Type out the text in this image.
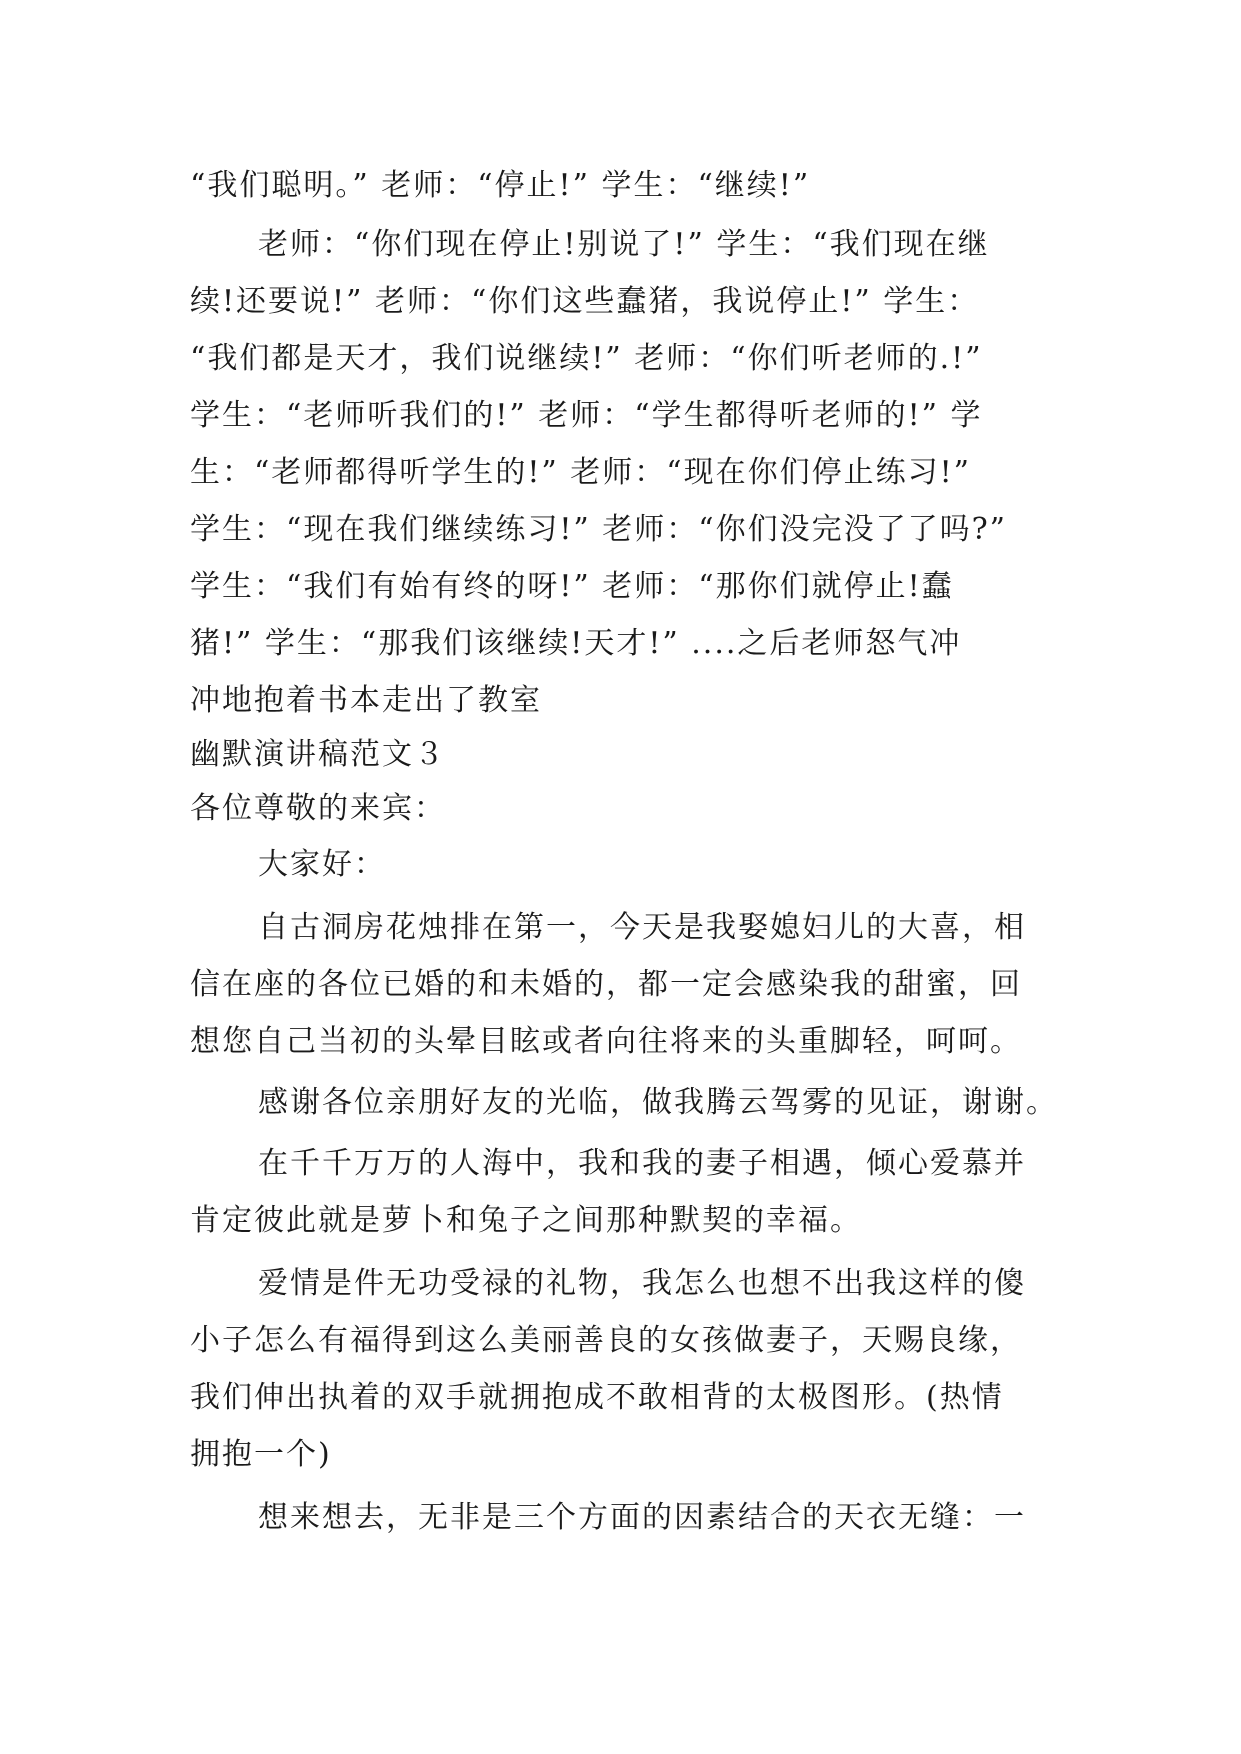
“我们聪明。” 老师：“停止!” 学生：“继续!”
老师：“你们现在停止!别说了!” 学生：“我们现在继
续!还要说!” 老师：“你们这些蠢猪，我说停止!” 学生：
“我们都是天才，我们说继续!” 老师：“你们听老师的.!”
学生：“老师听我们的!” 老师：“学生都得听老师的!” 学
生：“老师都得听学生的!” 老师：“现在你们停止练习!”
学生：“现在我们继续练习!” 老师：“你们没完没了了吗?”
学生：“我们有始有终的呀!” 老师：“那你们就停止!蠢
猪!” 学生：“那我们该继续!天才!” ....之后老师怒气冲
冲地抱着书本走出了教室
幽默演讲稿范文３
各位尊敬的来宾：
大家好：
自古洞房花烛排在第一，今天是我娶媳妇儿的大喜，相
信在座的各位已婚的和未婚的，都一定会感染我的甜蜜，回
想您自己当初的头晕目眩或者向往将来的头重脚轻，呵呵。
感谢各位亲朋好友的光临，做我腾云驾雾的见证，谢谢。
在千千万万的人海中，我和我的妻子相遇，倾心爱慕并
肯定彼此就是萝卜和兔子之间那种默契的幸福。
爱情是件无功受禄的礼物，我怎么也想不出我这样的傻
小子怎么有福得到这么美丽善良的女孩做妻子，天赐良缘，
我们伸出执着的双手就拥抱成不敢相背的太极图形。(热情
拥抱一个)
想来想去，无非是三个方面的因素结合的天衣无缝：一
